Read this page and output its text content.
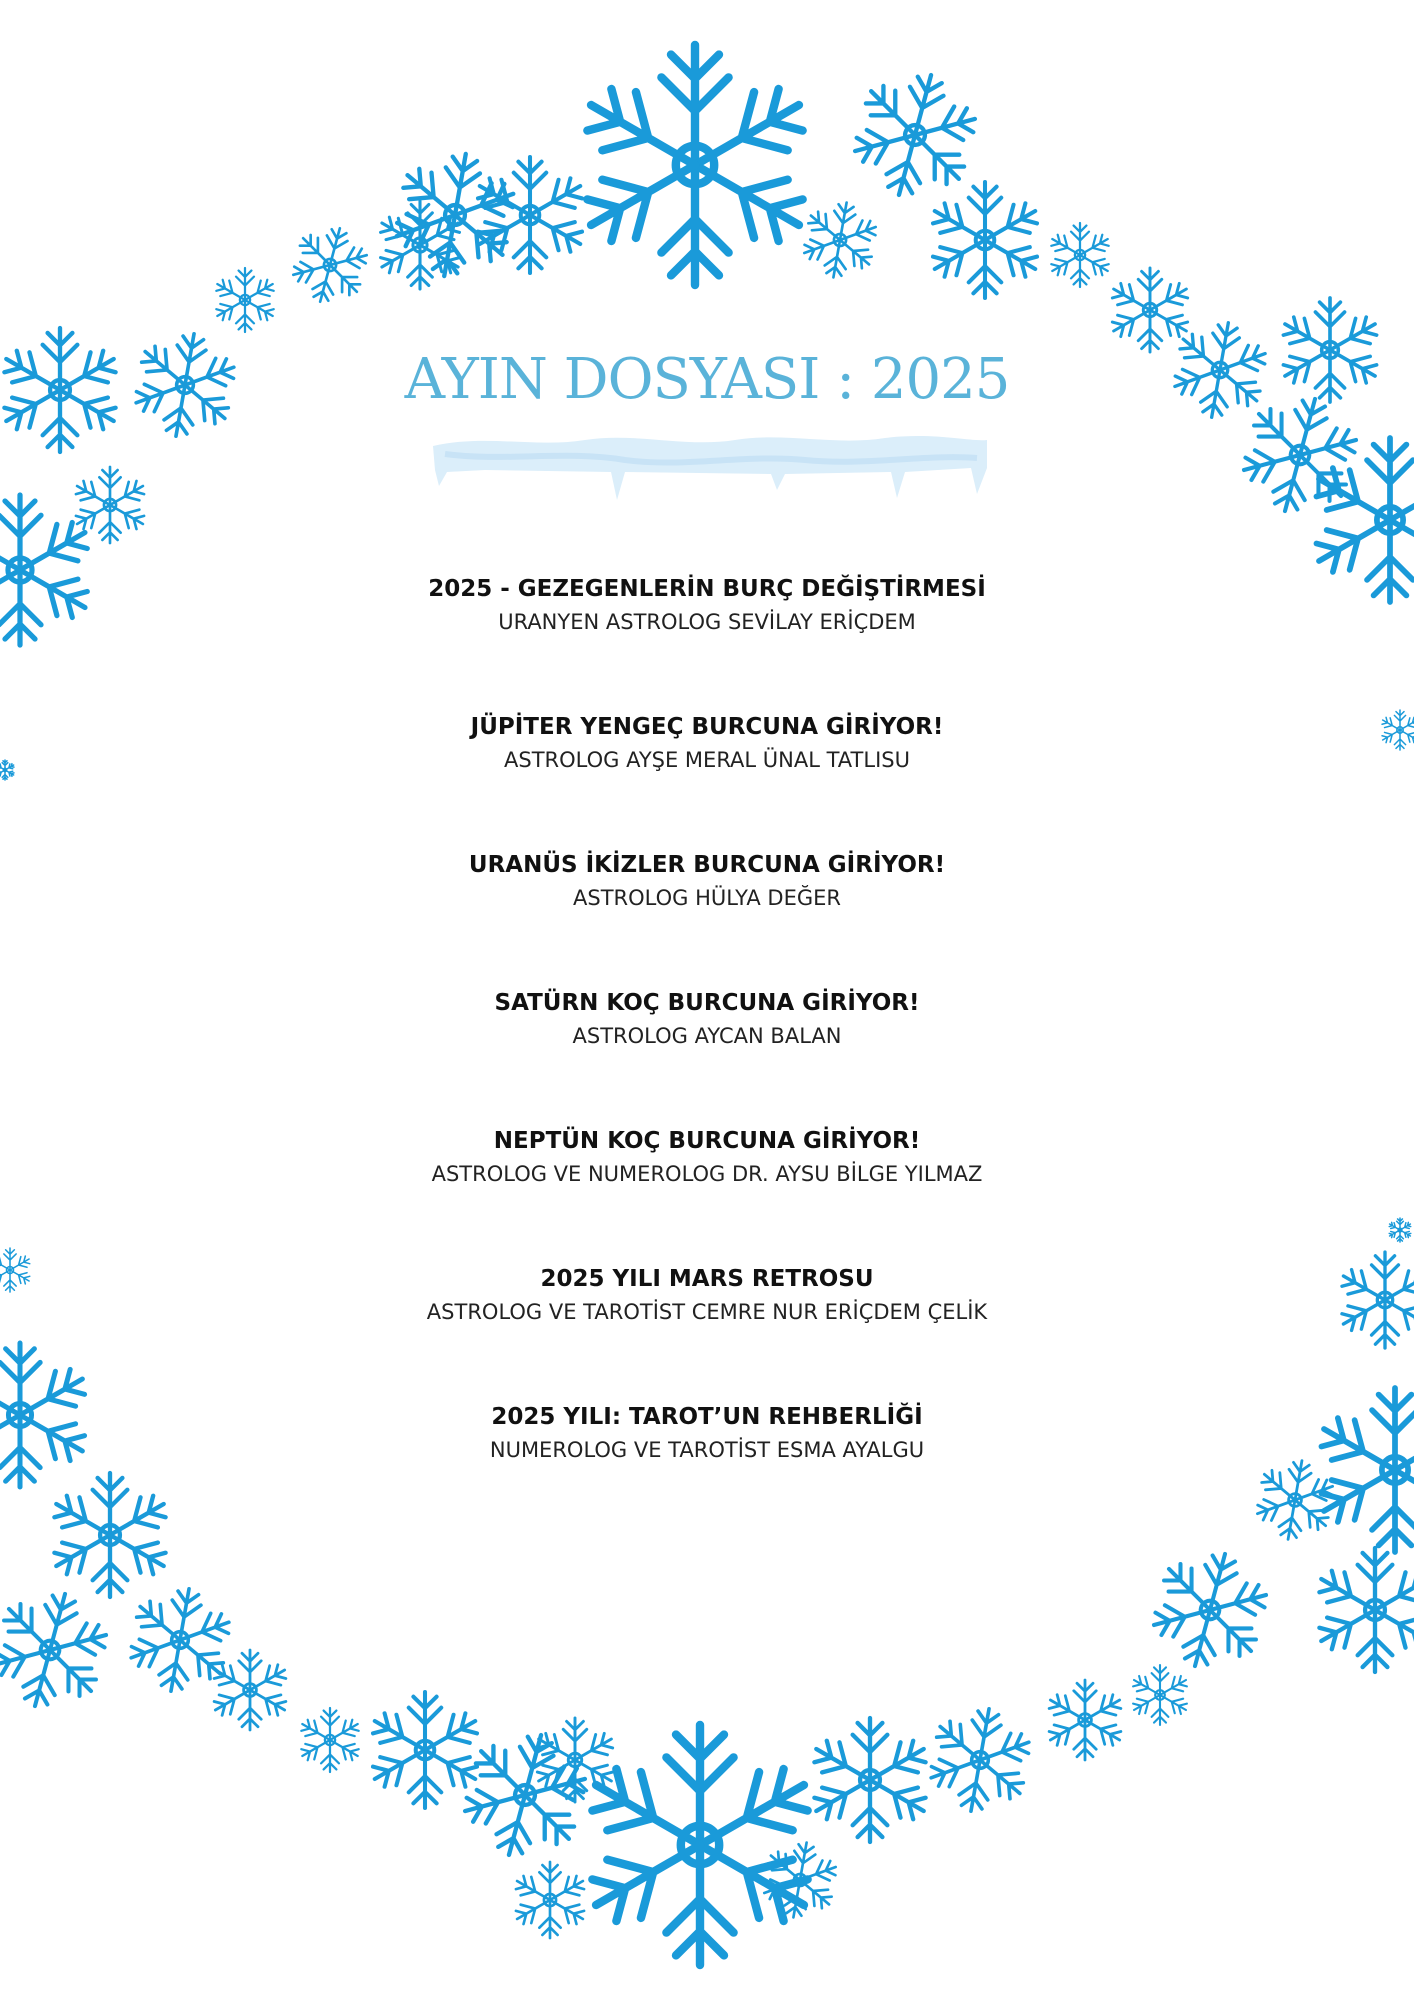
AYIN DOSYASI : 2025
2025 - GEZEGENLERİN BURÇ DEĞİŞTİRMESİ
URANYEN ASTROLOG SEVİLAY ERİÇDEM
JÜPİTER YENGEÇ BURCUNA GİRİYOR!
ASTROLOG AYŞE MERAL ÜNAL TATLISU
URANÜS İKİZLER BURCUNA GİRİYOR!
ASTROLOG HÜLYA DEĞER
SATÜRN KOÇ BURCUNA GİRİYOR!
ASTROLOG AYCAN BALAN
NEPTÜN KOÇ BURCUNA GİRİYOR!
ASTROLOG VE NUMEROLOG DR. AYSU BİLGE YILMAZ
2025 YILI MARS RETROSU
ASTROLOG VE TAROTİST CEMRE NUR ERİÇDEM ÇELİK
2025 YILI: TAROT’UN REHBERLİĞİ
NUMEROLOG VE TAROTİST ESMA AYALGU
